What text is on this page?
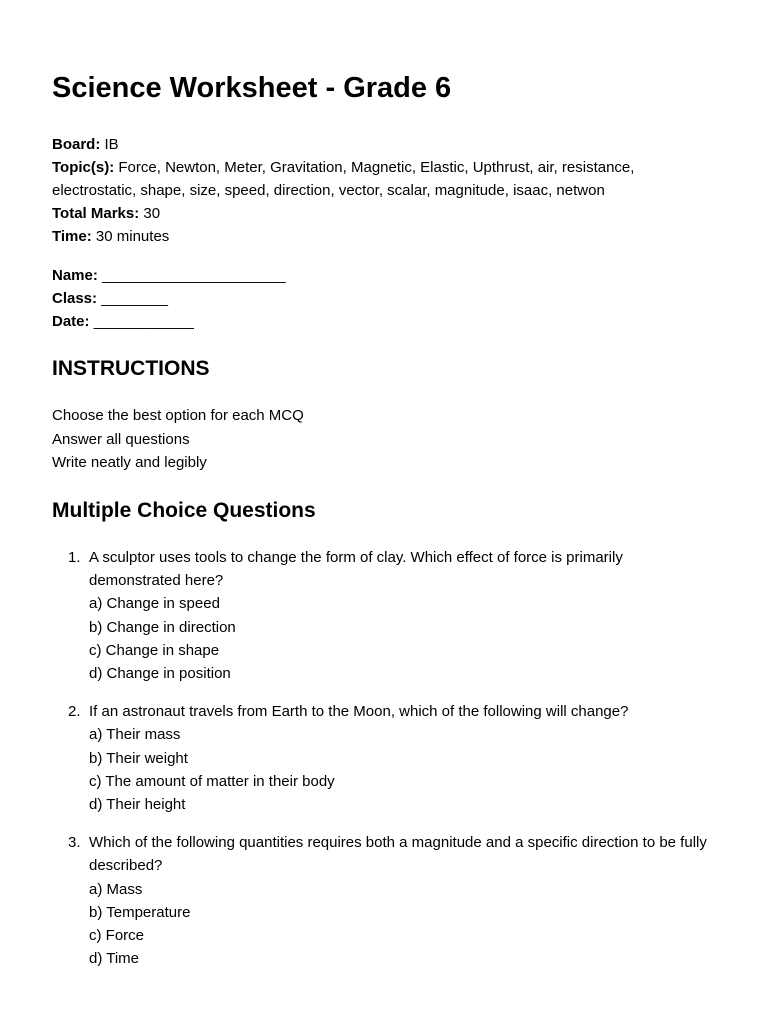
Science Worksheet - Grade 6
Board: IB
Topic(s): Force, Newton, Meter, Gravitation, Magnetic, Elastic, Upthrust, air, resistance, electrostatic, shape, size, speed, direction, vector, scalar, magnitude, isaac, netwon
Total Marks: 30
Time: 30 minutes
Name: ______________________
Class: ________
Date: ____________
INSTRUCTIONS
Choose the best option for each MCQ
Answer all questions
Write neatly and legibly
Multiple Choice Questions
1. A sculptor uses tools to change the form of clay. Which effect of force is primarily demonstrated here?
a) Change in speed
b) Change in direction
c) Change in shape
d) Change in position
2. If an astronaut travels from Earth to the Moon, which of the following will change?
a) Their mass
b) Their weight
c) The amount of matter in their body
d) Their height
3. Which of the following quantities requires both a magnitude and a specific direction to be fully described?
a) Mass
b) Temperature
c) Force
d) Time
